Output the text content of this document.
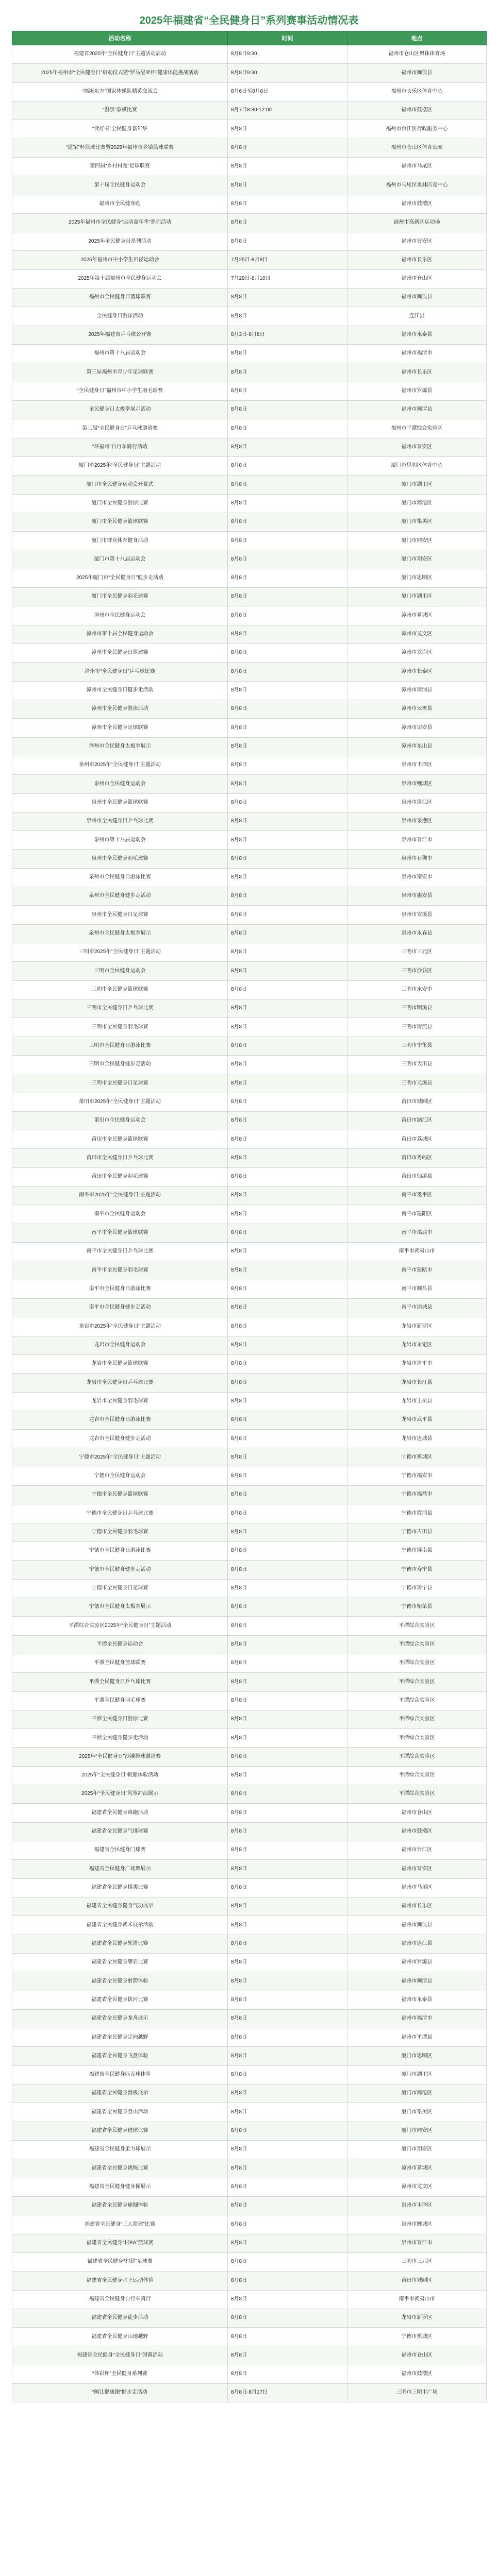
2025年福建省“全民健身日”系列赛事活动情况表
活动名称	时间	地点
福建省2025年“全民健身日”主题活动启动	8月8日9:30	福州市仓山区奥体体育场
2025年福州市“全民健身日”启动仪式暨“罗马尼亚杯”健康体能挑战活动	8月8日9:30	福州市闽侯县
“福爆东方”国家体操队精英交流会	8月6日至8月8日	福州市长乐区体育中心
“温泉”象棋比赛	8月7日8:30-12:00	福州市鼓楼区
“读好书”全民健身嘉年华	8月8日	福州市台江区行政服务中心
“道馆”杯篮球比赛暨2025年福州市乡镇篮球联赛	8月8日	福州市仓山区体育公园
第四届“乡村村超”足球联赛	8月8日	福州市马尾区
第十届全民健身运动会	8月8日	福州市马尾区奥林匹克中心
福州市全民健身跑	8月8日	福州市鼓楼区
2025年福州市全民健身“运动嘉年华”系列活动	8月8日	福州市高新区运动场
2025年全民健身日系列活动	8月8日	福州市晋安区
2025年福州市中小学生田径运动会	7月25日-8月8日	福州市长乐区
2025年第十届福州市全民健身运动会	7月29日-8月10日	福州市仓山区
福州市全民健身日篮球联赛	8月8日	福州市闽侯县
全民健身日游泳活动	8月8日	连江县
2025年福建省乒乓球公开赛	8月3日-8月8日	福州市永泰县
福州市第十八届运动会	8月8日	福州市福清市
第三届福州市青少年足球联赛	8月8日	福州市长乐区
“全民健身日”福州市中小学生羽毛球赛	8月8日	福州市罗源县
全民健身日太极拳展示活动	8月8日	福州市闽清县
第三届“全民健身日”乒乓球邀请赛	8月8日	福州市平潭综合实验区
“环福州”自行车骑行活动	8月8日	福州市晋安区
厦门市2025年“全民健身日”主题活动	8月8日	厦门市思明区体育中心
厦门市全民健身运动会开幕式	8月8日	厦门市湖里区
厦门市全民健身游泳比赛	8月8日	厦门市海沧区
厦门市全民健身篮球联赛	8月8日	厦门市集美区
厦门市群众体育健身活动	8月8日	厦门市同安区
厦门市第十八届运动会	8月8日	厦门市翔安区
2025年厦门市“全民健身日”健步走活动	8月8日	厦门市思明区
厦门市全民健身羽毛球赛	8月8日	厦门市湖里区
漳州市全民健身运动会	8月8日	漳州市芗城区
漳州市第十届全民健身运动会	8月8日	漳州市龙文区
漳州市全民健身日篮球赛	8月8日	漳州市龙海区
漳州市“全民健身日”乒乓球比赛	8月8日	漳州市长泰区
漳州市全民健身日健步走活动	8月8日	漳州市漳浦县
漳州市全民健身游泳活动	8月8日	漳州市云霄县
漳州市全民健身足球联赛	8月8日	漳州市诏安县
漳州市全民健身太极拳展示	8月8日	漳州市东山县
泉州市2025年“全民健身日”主题活动	8月8日	泉州市丰泽区
泉州市全民健身运动会	8月8日	泉州市鲤城区
泉州市全民健身篮球联赛	8月8日	泉州市洛江区
泉州市全民健身日乒乓球比赛	8月8日	泉州市泉港区
泉州市第十八届运动会	8月8日	泉州市晋江市
泉州市全民健身羽毛球赛	8月8日	泉州市石狮市
泉州市全民健身日游泳比赛	8月8日	泉州市南安市
泉州市全民健身健步走活动	8月8日	泉州市惠安县
泉州市全民健身日足球赛	8月8日	泉州市安溪县
泉州市全民健身太极拳展示	8月8日	泉州市永春县
三明市2025年“全民健身日”主题活动	8月8日	三明市三元区
三明市全民健身运动会	8月8日	三明市沙县区
三明市全民健身篮球联赛	8月8日	三明市永安市
三明市全民健身日乒乓球比赛	8月8日	三明市明溪县
三明市全民健身羽毛球赛	8月8日	三明市清流县
三明市全民健身日游泳比赛	8月8日	三明市宁化县
三明市全民健身健步走活动	8月8日	三明市大田县
三明市全民健身日足球赛	8月8日	三明市尤溪县
莆田市2025年“全民健身日”主题活动	8月8日	莆田市城厢区
莆田市全民健身运动会	8月8日	莆田市涵江区
莆田市全民健身篮球联赛	8月8日	莆田市荔城区
莆田市全民健身日乒乓球比赛	8月8日	莆田市秀屿区
莆田市全民健身羽毛球赛	8月8日	莆田市仙游县
南平市2025年“全民健身日”主题活动	8月8日	南平市延平区
南平市全民健身运动会	8月8日	南平市建阳区
南平市全民健身篮球联赛	8月8日	南平市邵武市
南平市全民健身日乒乓球比赛	8月8日	南平市武夷山市
南平市全民健身羽毛球赛	8月8日	南平市建瓯市
南平市全民健身日游泳比赛	8月8日	南平市顺昌县
南平市全民健身健步走活动	8月8日	南平市浦城县
龙岩市2025年“全民健身日”主题活动	8月8日	龙岩市新罗区
龙岩市全民健身运动会	8月8日	龙岩市永定区
龙岩市全民健身篮球联赛	8月8日	龙岩市漳平市
龙岩市全民健身日乒乓球比赛	8月8日	龙岩市长汀县
龙岩市全民健身羽毛球赛	8月8日	龙岩市上杭县
龙岩市全民健身日游泳比赛	8月8日	龙岩市武平县
龙岩市全民健身健步走活动	8月8日	龙岩市连城县
宁德市2025年“全民健身日”主题活动	8月8日	宁德市蕉城区
宁德市全民健身运动会	8月8日	宁德市福安市
宁德市全民健身篮球联赛	8月8日	宁德市福鼎市
宁德市全民健身日乒乓球比赛	8月8日	宁德市霞浦县
宁德市全民健身羽毛球赛	8月8日	宁德市古田县
宁德市全民健身日游泳比赛	8月8日	宁德市屏南县
宁德市全民健身健步走活动	8月8日	宁德市寿宁县
宁德市全民健身日足球赛	8月8日	宁德市周宁县
宁德市全民健身太极拳展示	8月8日	宁德市柘荣县
平潭综合实验区2025年“全民健身日”主题活动	8月8日	平潭综合实验区
平潭全民健身运动会	8月8日	平潭综合实验区
平潭全民健身篮球联赛	8月8日	平潭综合实验区
平潭全民健身日乒乓球比赛	8月8日	平潭综合实验区
平潭全民健身羽毛球赛	8月8日	平潭综合实验区
平潭全民健身日游泳比赛	8月8日	平潭综合实验区
平潭全民健身健步走活动	8月8日	平潭综合实验区
2025年“全民健身日”沙滩排球邀请赛	8月8日	平潭综合实验区
2025年“全民健身日”帆船体验活动	8月8日	平潭综合实验区
2025年“全民健身日”风筝冲浪展示	8月8日	平潭综合实验区
福建省全民健身路跑活动	8月8日	福州市仓山区
福建省全民健身气排球赛	8月8日	福州市鼓楼区
福建省全民健身门球赛	8月8日	福州市台江区
福建省全民健身广场舞展示	8月8日	福州市晋安区
福建省全民健身棋类比赛	8月8日	福州市马尾区
福建省全民健身健身气功展示	8月8日	福州市长乐区
福建省全民健身武术展示活动	8月8日	福州市闽侯县
福建省全民健身轮滑比赛	8月8日	福州市连江县
福建省全民健身攀岩比赛	8月8日	福州市罗源县
福建省全民健身射箭体验	8月8日	福州市闽清县
福建省全民健身拔河比赛	8月8日	福州市永泰县
福建省全民健身龙舟展示	8月8日	福州市福清市
福建省全民健身定向越野	8月8日	福州市平潭县
福建省全民健身飞盘体验	8月8日	厦门市思明区
福建省全民健身匹克球体验	8月8日	厦门市湖里区
福建省全民健身滑板展示	8月8日	厦门市海沧区
福建省全民健身登山活动	8月8日	厦门市集美区
福建省全民健身毽球比赛	8月8日	厦门市同安区
福建省全民健身柔力球展示	8月8日	厦门市翔安区
福建省全民健身跳绳比赛	8月8日	漳州市芗城区
福建省全民健身健身操展示	8月8日	漳州市龙文区
福建省全民健身瑜伽体验	8月8日	泉州市丰泽区
福建省全民健身“三人篮球”比赛	8月8日	泉州市鲤城区
福建省全民健身“村BA”篮球赛	8月8日	泉州市晋江市
福建省全民健身“村超”足球赛	8月8日	三明市三元区
福建省全民健身水上运动体验	8月8日	莆田市城厢区
福建省全民健身自行车骑行	8月8日	南平市武夷山市
福建省全民健身徒步活动	8月8日	龙岩市新罗区
福建省全民健身山地越野	8月8日	宁德市蕉城区
福建省全民健身“全民健身日”闭幕活动	8月8日	福州市仓山区
“体彩杯”全民健身系列赛	8月8日	福州市鼓楼区
“闽江健康跑”健步走活动	8月8日-8月17日	三明市三明市广场
